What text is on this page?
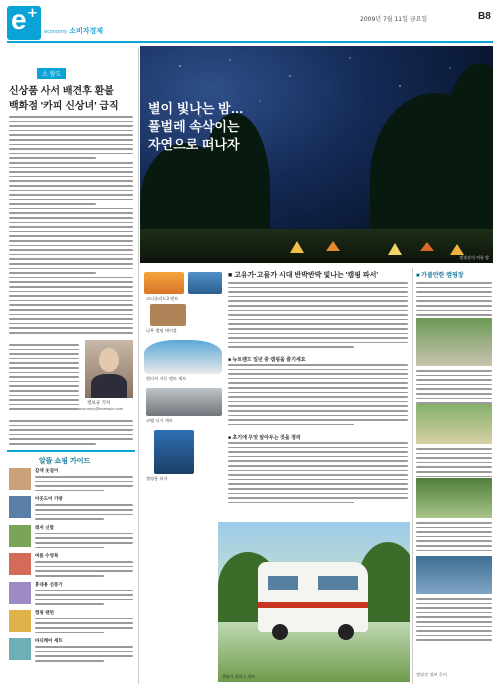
e +
economy 소비자경제
2009년 7월 11일 금요일	B8
소 탐도
신상품 사서 배견후 환불
백화점 '카피 신상녀' 급직
정보규 기자
economy@example.com
알뜰 쇼핑 가이드
갈색 옷걸이
아웃도어 가방
레저 신발
여름 수영복
휴대용 선풍기
캠핑 랜턴
바디케어 세트
별이 빛나는 밤…
풀벌레 속삭이는
자연으로 떠나자
캠핑장의 여름 밤
코디솔리드3 텐트
나무 캠핑 테이블
원터치 자동 텐트 세트
코펠 식기 세트
캠핑용 의자
■ 고유가·고물가 시대 반박반박 빛나는 '캠핑 파서'
■ 뉴트렌드 일년 중 캠핑을 즐기세요
■ 초기에 무엇 알아두는 것을 정리
캠핑카 플러스 텐트
■ 가볼만한 캠핑장
캠핑장 정보 문의
